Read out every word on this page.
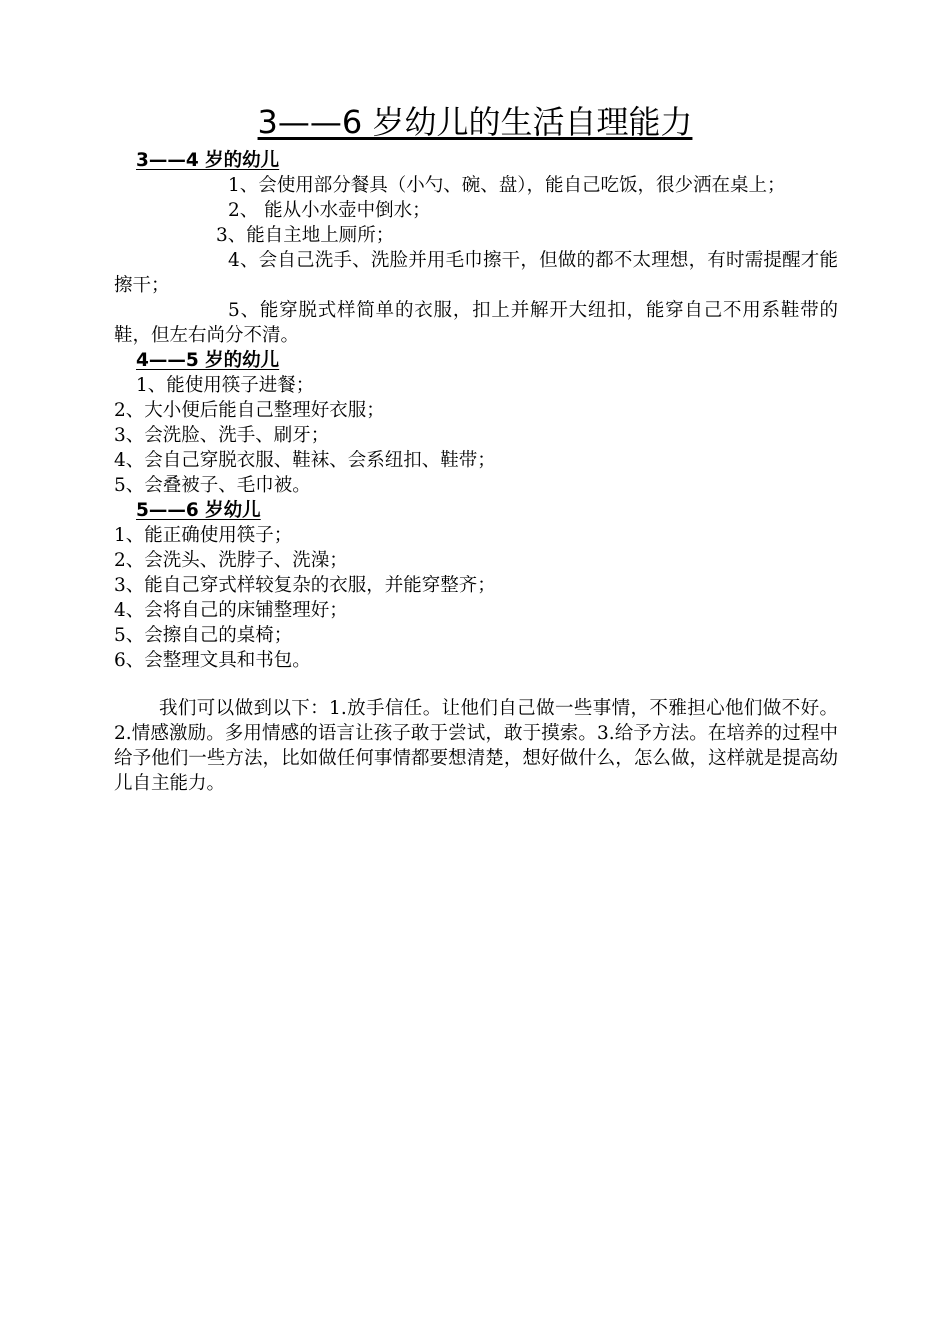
3——6 岁幼儿的生活自理能力
3——4 岁的幼儿
1、会使用部分餐具（小勺、碗、盘），能自己吃饭，很少洒在桌上；
2、 能从小水壶中倒水；
3、能自主地上厕所；
4、会自己洗手、洗脸并用毛巾擦干，但做的都不太理想，有时需提醒才能擦干；
5、能穿脱式样简单的衣服，扣上并解开大纽扣，能穿自己不用系鞋带的鞋，但左右尚分不清。
4——5 岁的幼儿
1、能使用筷子进餐；
2、大小便后能自己整理好衣服；
3、会洗脸、洗手、刷牙；
4、会自己穿脱衣服、鞋袜、会系纽扣、鞋带；
5、会叠被子、毛巾被。
5——6 岁幼儿
1、能正确使用筷子；
2、会洗头、洗脖子、洗澡；
3、能自己穿式样较复杂的衣服，并能穿整齐；
4、会将自己的床铺整理好；
5、会擦自己的桌椅；
6、会整理文具和书包。
我们可以做到以下：1.放手信任。让他们自己做一些事情，不雅担心他们做不好。2.情感激励。多用情感的语言让孩子敢于尝试，敢于摸索。3.给予方法。在培养的过程中给予他们一些方法，比如做任何事情都要想清楚，想好做什么，怎么做，这样就是提高幼儿自主能力。
